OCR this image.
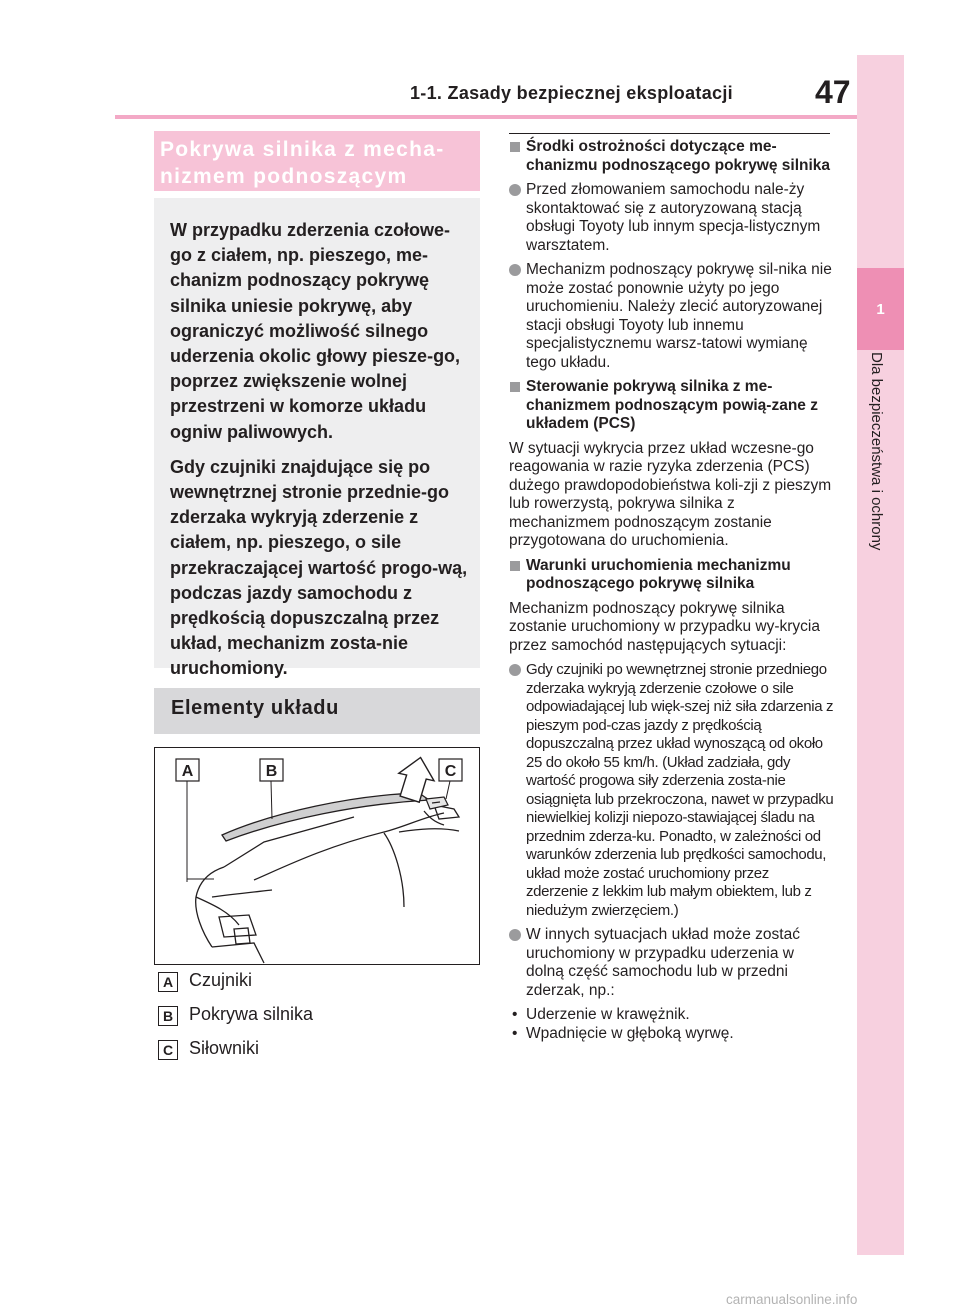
1-1. Zasady bezpiecznej eksploatacji	47
1
Dla bezpieczeństwa i ochrony
Pokrywa silnika z mecha-
nizmem podnoszącym

W przypadku zderzenia czołowe-go z ciałem, np. pieszego, me-chanizm podnoszący pokrywę silnika uniesie pokrywę, aby ograniczyć możliwość silnego uderzenia okolic głowy piesze-go, poprzez zwiększenie wolnej przestrzeni w komorze układu ogniw paliwowych.

Gdy czujniki znajdujące się po wewnętrznej stronie przednie-go zderzaka wykryją zderzenie z ciałem, np. pieszego, o sile przekraczającej wartość progo-wą, podczas jazdy samochodu z prędkością dopuszczalną przez układ, mechanizm zosta-nie uruchomiony.

Elementy układu
A	B	C
A Czujniki
B Pokrywa silnika
C Siłowniki
Środki ostrożności dotyczące me-chanizmu podnoszącego pokrywę silnika
Przed złomowaniem samochodu nale-ży skontaktować się z autoryzowaną stacją obsługi Toyoty lub innym specja-listycznym warsztatem.
Mechanizm podnoszący pokrywę sil-nika nie może zostać ponownie użyty po jego uruchomieniu. Należy zlecić autoryzowanej stacji obsługi Toyoty lub innemu specjalistycznemu warsz-tatowi wymianę tego układu.
Sterowanie pokrywą silnika z me-chanizmem podnoszącym powią-zane z układem (PCS)
W sytuacji wykrycia przez układ wczesne-go reagowania w razie ryzyka zderzenia (PCS) dużego prawdopodobieństwa koli-zji z pieszym lub rowerzystą, pokrywa silnika z mechanizmem podnoszącym zostanie przygotowana do uruchomienia.
Warunki uruchomienia mechanizmu podnoszącego pokrywę silnika
Mechanizm podnoszący pokrywę silnika zostanie uruchomiony w przypadku wy-krycia przez samochód następujących sytuacji:
Gdy czujniki po wewnętrznej stronie przedniego zderzaka wykryją zderzenie czołowe o sile odpowiadającej lub więk-szej niż siła zdarzenia z pieszym pod-czas jazdy z prędkością dopuszczalną przez układ wynoszącą od około 25 do około 55 km/h. (Układ zadziała, gdy wartość progowa siły zderzenia zosta-nie osiągnięta lub przekroczona, nawet w przypadku niewielkiej kolizji niepozo-stawiającej śladu na przednim zderza-ku. Ponadto, w zależności od warunków zderzenia lub prędkości samochodu, układ może zostać uruchomiony przez zderzenie z lekkim lub małym obiektem, lub z niedużym zwierzęciem.)
W innych sytuacjach układ może zostać uruchomiony w przypadku uderzenia w dolną część samochodu lub w przedni zderzak, np.:
• Uderzenie w krawężnik.
• Wpadnięcie w głęboką wyrwę.
carmanualsonline.info
